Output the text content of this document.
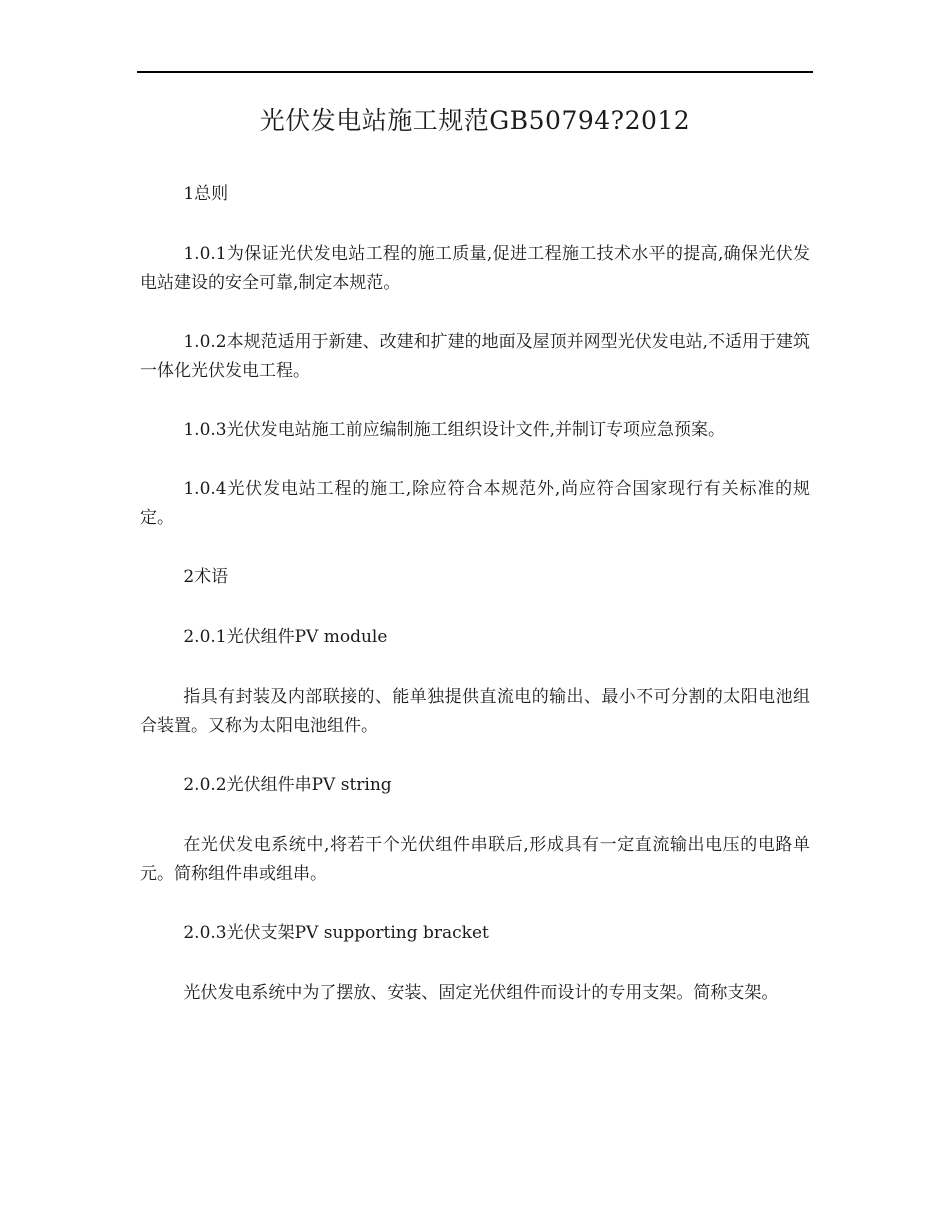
光伏发电站施工规范GB50794?2012

1总则

1.0.1为保证光伏发电站工程的施工质量,促进工程施工技术水平的提高,确保光伏发电站建设的安全可靠,制定本规范。

1.0.2本规范适用于新建、改建和扩建的地面及屋顶并网型光伏发电站,不适用于建筑一体化光伏发电工程。

1.0.3光伏发电站施工前应编制施工组织设计文件,并制订专项应急预案。

1.0.4光伏发电站工程的施工,除应符合本规范外,尚应符合国家现行有关标准的规定。

2术语

2.0.1光伏组件PV module

指具有封装及内部联接的、能单独提供直流电的输出、最小不可分割的太阳电池组合装置。又称为太阳电池组件。

2.0.2光伏组件串PV string

在光伏发电系统中,将若干个光伏组件串联后,形成具有一定直流输出电压的电路单元。简称组件串或组串。

2.0.3光伏支架PV supporting bracket

光伏发电系统中为了摆放、安装、固定光伏组件而设计的专用支架。简称支架。
